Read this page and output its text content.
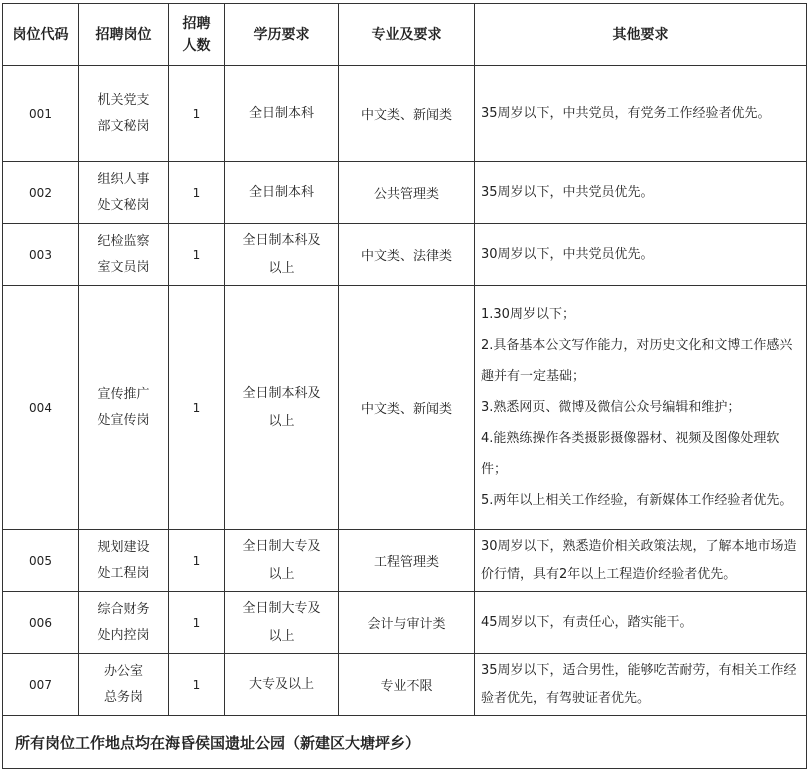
岗位代码	招聘岗位	招聘
人数	学历要求	专业及要求	其他要求
001	机关党支
部文秘岗	1	全日制本科	中文类、新闻类	35周岁以下，中共党员，有党务工作经验者优先。

002	组织人事
处文秘岗	1	全日制本科	公共管理类	35周岁以下，中共党员优先。

003	纪检监察
室文员岗	1	全日制本科及
以上	中文类、法律类	30周岁以下，中共党员优先。

004	宣传推广
处宣传岗	1	全日制本科及
以上	中文类、新闻类	1.30周岁以下；
2.具备基本公文写作能力，对历史文化和文博工作感兴趣并有一定基础；
3.熟悉网页、微博及微信公众号编辑和维护；
4.能熟练操作各类摄影摄像器材、视频及图像处理软件；
5.两年以上相关工作经验，有新媒体工作经验者优先。

005	规划建设
处工程岗	1	全日制大专及
以上	工程管理类	30周岁以下，熟悉造价相关政策法规，了解本地市场造价行情，具有2年以上工程造价经验者优先。

006	综合财务
处内控岗	1	全日制大专及
以上	会计与审计类	45周岁以下，有责任心，踏实能干。

007	办公室
总务岗	1	大专及以上	专业不限	35周岁以下，适合男性，能够吃苦耐劳，有相关工作经验者优先，有驾驶证者优先。

所有岗位工作地点均在海昏侯国遗址公园（新建区大塘坪乡）					
